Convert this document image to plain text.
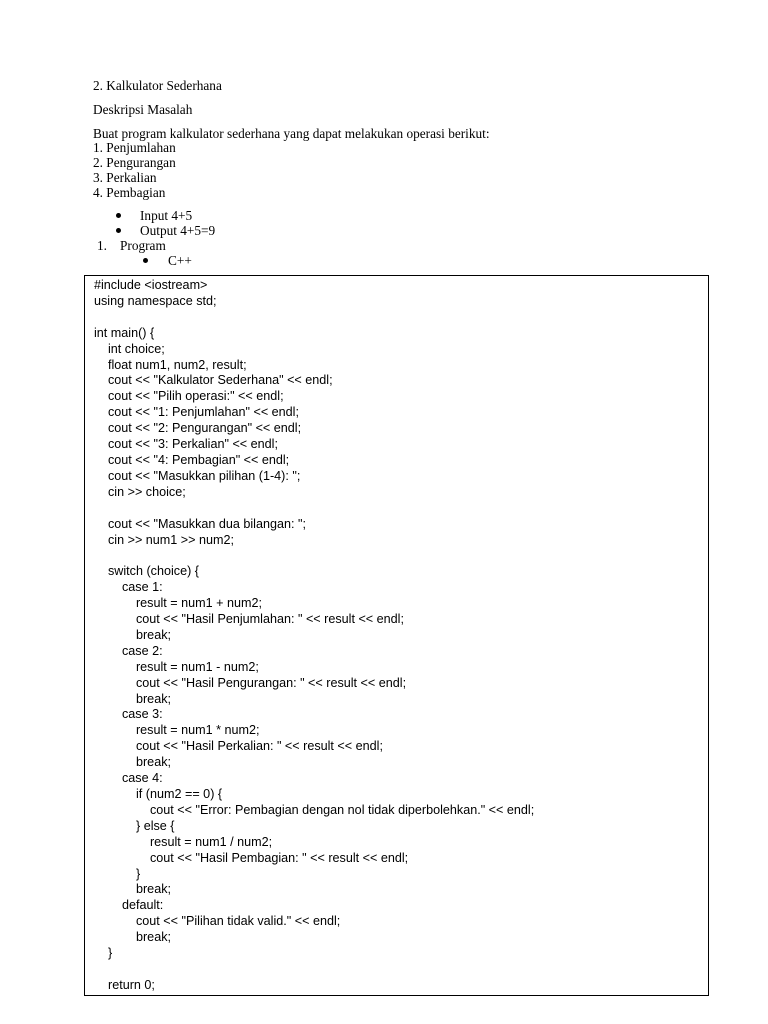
2. Kalkulator Sederhana
Deskripsi Masalah
Buat program kalkulator sederhana yang dapat melakukan operasi berikut:
1. Penjumlahan
2. Pengurangan
3. Perkalian
4. Pembagian
Input 4+5
Output 4+5=9
1. Program
C++
#include <iostream>
using namespace std;
int main() {
int choice;
float num1, num2, result;
cout << "Kalkulator Sederhana" << endl;
cout << "Pilih operasi:" << endl;
cout << "1: Penjumlahan" << endl;
cout << "2: Pengurangan" << endl;
cout << "3: Perkalian" << endl;
cout << "4: Pembagian" << endl;
cout << "Masukkan pilihan (1-4): ";
cin >> choice;
cout << "Masukkan dua bilangan: ";
cin >> num1 >> num2;
switch (choice) {
case 1:
result = num1 + num2;
cout << "Hasil Penjumlahan: " << result << endl;
break;
case 2:
result = num1 - num2;
cout << "Hasil Pengurangan: " << result << endl;
break;
case 3:
result = num1 * num2;
cout << "Hasil Perkalian: " << result << endl;
break;
case 4:
if (num2 == 0) {
cout << "Error: Pembagian dengan nol tidak diperbolehkan." << endl;
} else {
result = num1 / num2;
cout << "Hasil Pembagian: " << result << endl;
}
break;
default:
cout << "Pilihan tidak valid." << endl;
break;
}
return 0;
